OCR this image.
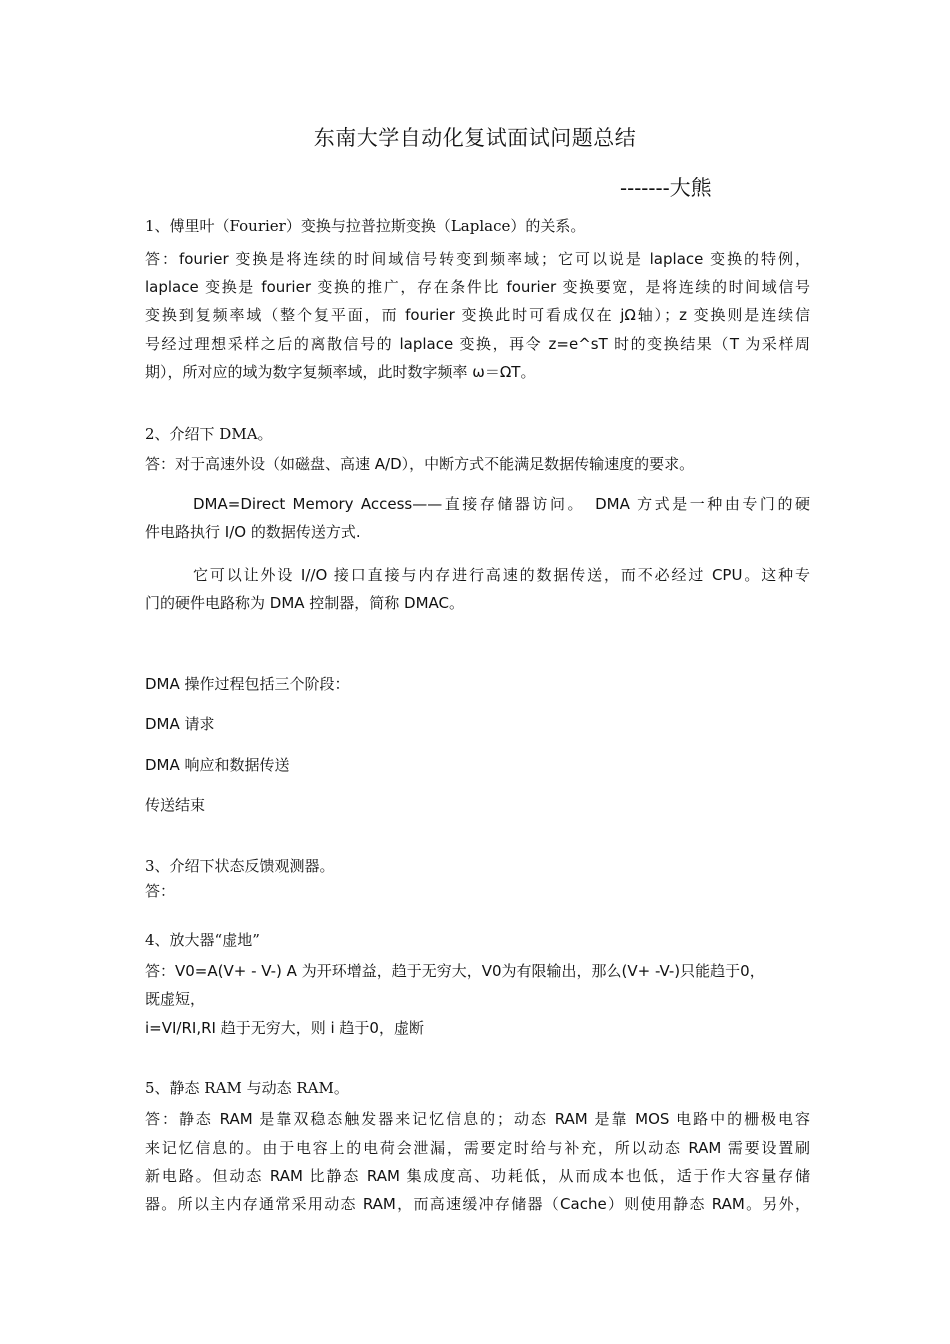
东南大学自动化复试面试问题总结
-------大熊
1、傅里叶（Fourier）变换与拉普拉斯变换（Laplace）的关系。
答：fourier 变换是将连续的时间域信号转变到频率域；它可以说是 laplace 变换的特例，
laplace 变换是 fourier 变换的推广，存在条件比 fourier 变换要宽，是将连续的时间域信号
变换到复频率域（整个复平面，而 fourier 变换此时可看成仅在 jΩ轴）；z 变换则是连续信
号经过理想采样之后的离散信号的 laplace 变换，再令 z=e^sT 时的变换结果（T 为采样周
期），所对应的域为数字复频率域，此时数字频率 ω＝ΩT。
2、介绍下 DMA。
答：对于高速外设（如磁盘、高速 A/D），中断方式不能满足数据传输速度的要求。
DMA=Direct Memory Access——直接存储器访问。　DMA 方式是一种由专门的硬
件电路执行 I/O 的数据传送方式.
它可以让外设 I//O 接口直接与内存进行高速的数据传送，而不必经过 CPU。这种专
门的硬件电路称为 DMA 控制器，简称 DMAC。
DMA 操作过程包括三个阶段：
DMA 请求
DMA 响应和数据传送
传送结束
3、介绍下状态反馈观测器。
答：
4、放大器“虚地”
答：V0=A(V+ - V-) A 为开环增益，趋于无穷大，V0为有限输出，那么(V+ -V-)只能趋于0，
既虚短，
i=VI/RI,RI 趋于无穷大，则 i 趋于0，虚断
5、静态 RAM 与动态 RAM。
答：静态 RAM 是靠双稳态触发器来记忆信息的；动态 RAM 是靠 MOS 电路中的栅极电容
来记忆信息的。由于电容上的电荷会泄漏，需要定时给与补充，所以动态 RAM 需要设置刷
新电路。但动态 RAM 比静态 RAM 集成度高、功耗低，从而成本也低，适于作大容量存储
器。所以主内存通常采用动态 RAM，而高速缓冲存储器（Cache）则使用静态 RAM。另外，
